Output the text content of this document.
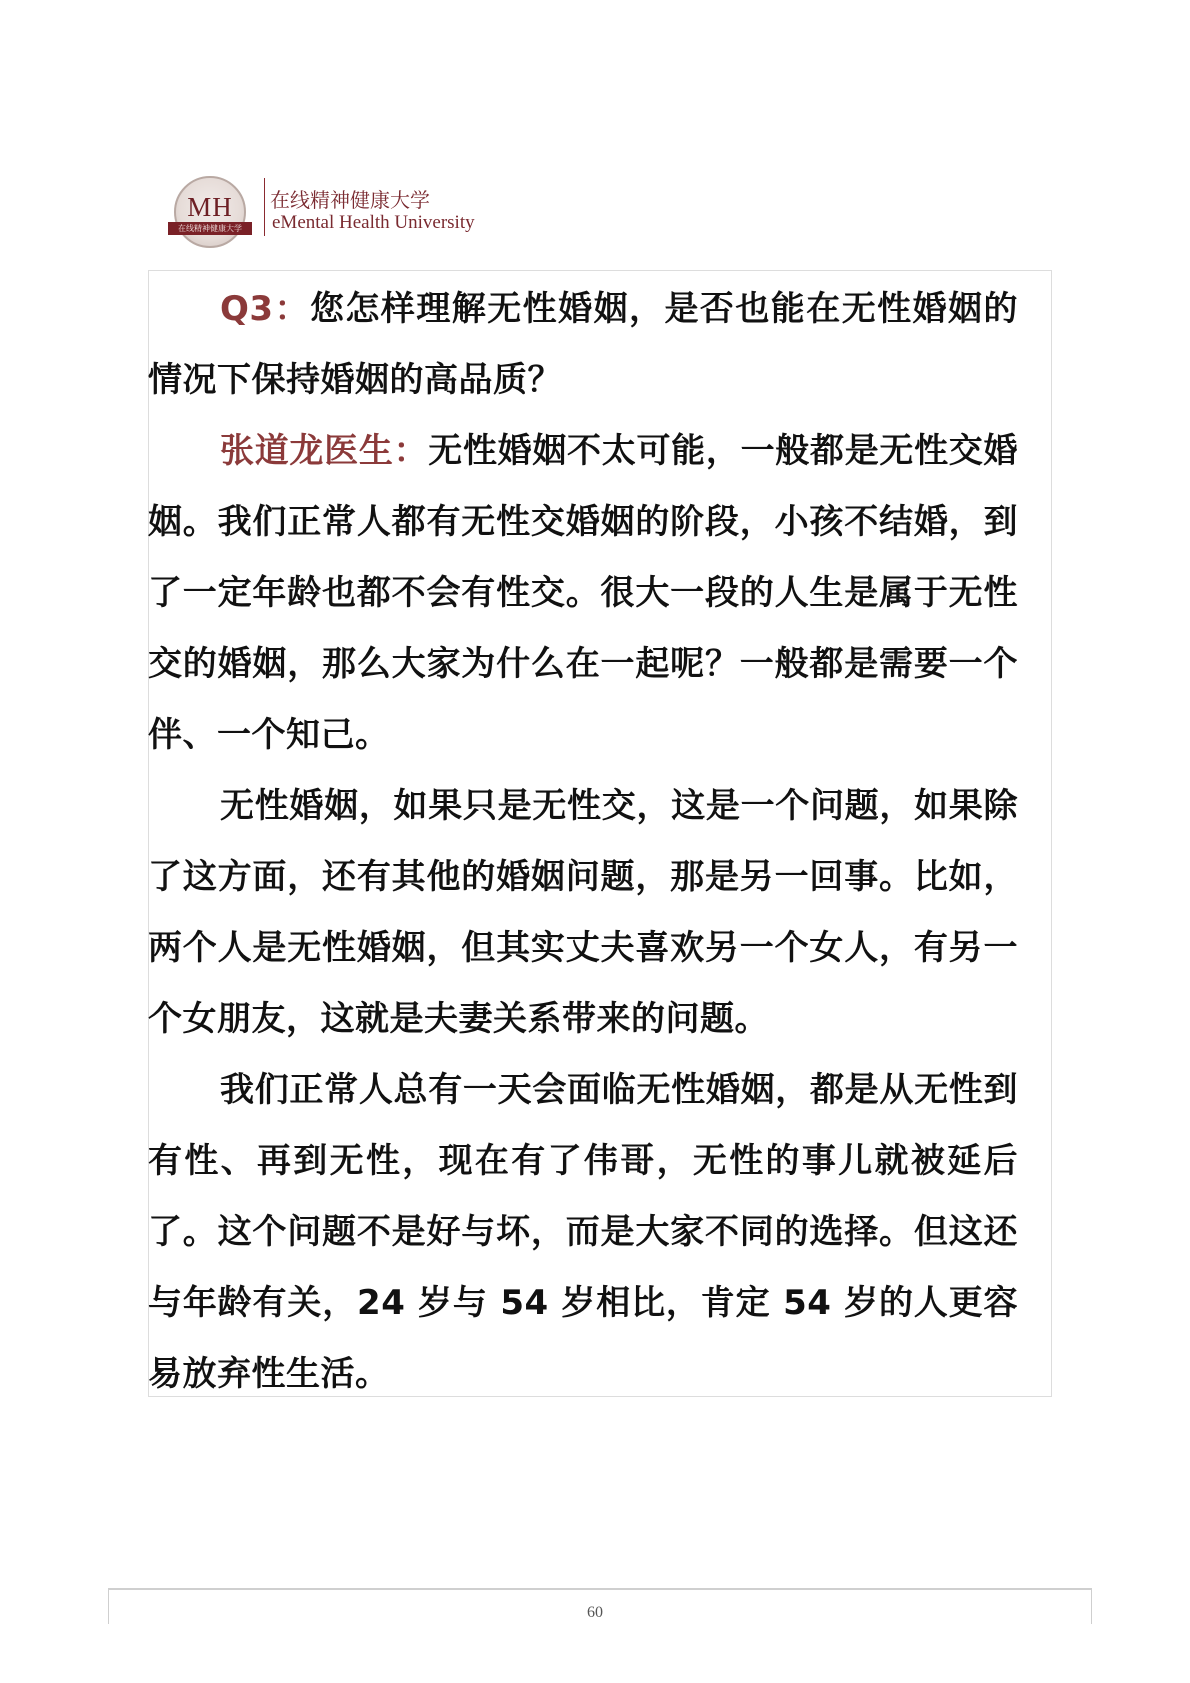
MH
在线精神健康大学
在线精神健康大学
eMental Health University

Q3：您怎样理解无性婚姻，是否也能在无性婚姻的情况下保持婚姻的高品质？

张道龙医生：无性婚姻不太可能，一般都是无性交婚姻。我们正常人都有无性交婚姻的阶段，小孩不结婚，到了一定年龄也都不会有性交。很大一段的人生是属于无性交的婚姻，那么大家为什么在一起呢？一般都是需要一个伴、一个知己。

无性婚姻，如果只是无性交，这是一个问题，如果除了这方面，还有其他的婚姻问题，那是另一回事。比如，两个人是无性婚姻，但其实丈夫喜欢另一个女人，有另一个女朋友，这就是夫妻关系带来的问题。

我们正常人总有一天会面临无性婚姻，都是从无性到有性、再到无性，现在有了伟哥，无性的事儿就被延后了。这个问题不是好与坏，而是大家不同的选择。但这还与年龄有关，24 岁与 54 岁相比，肯定 54 岁的人更容易放弃性生活。

60
